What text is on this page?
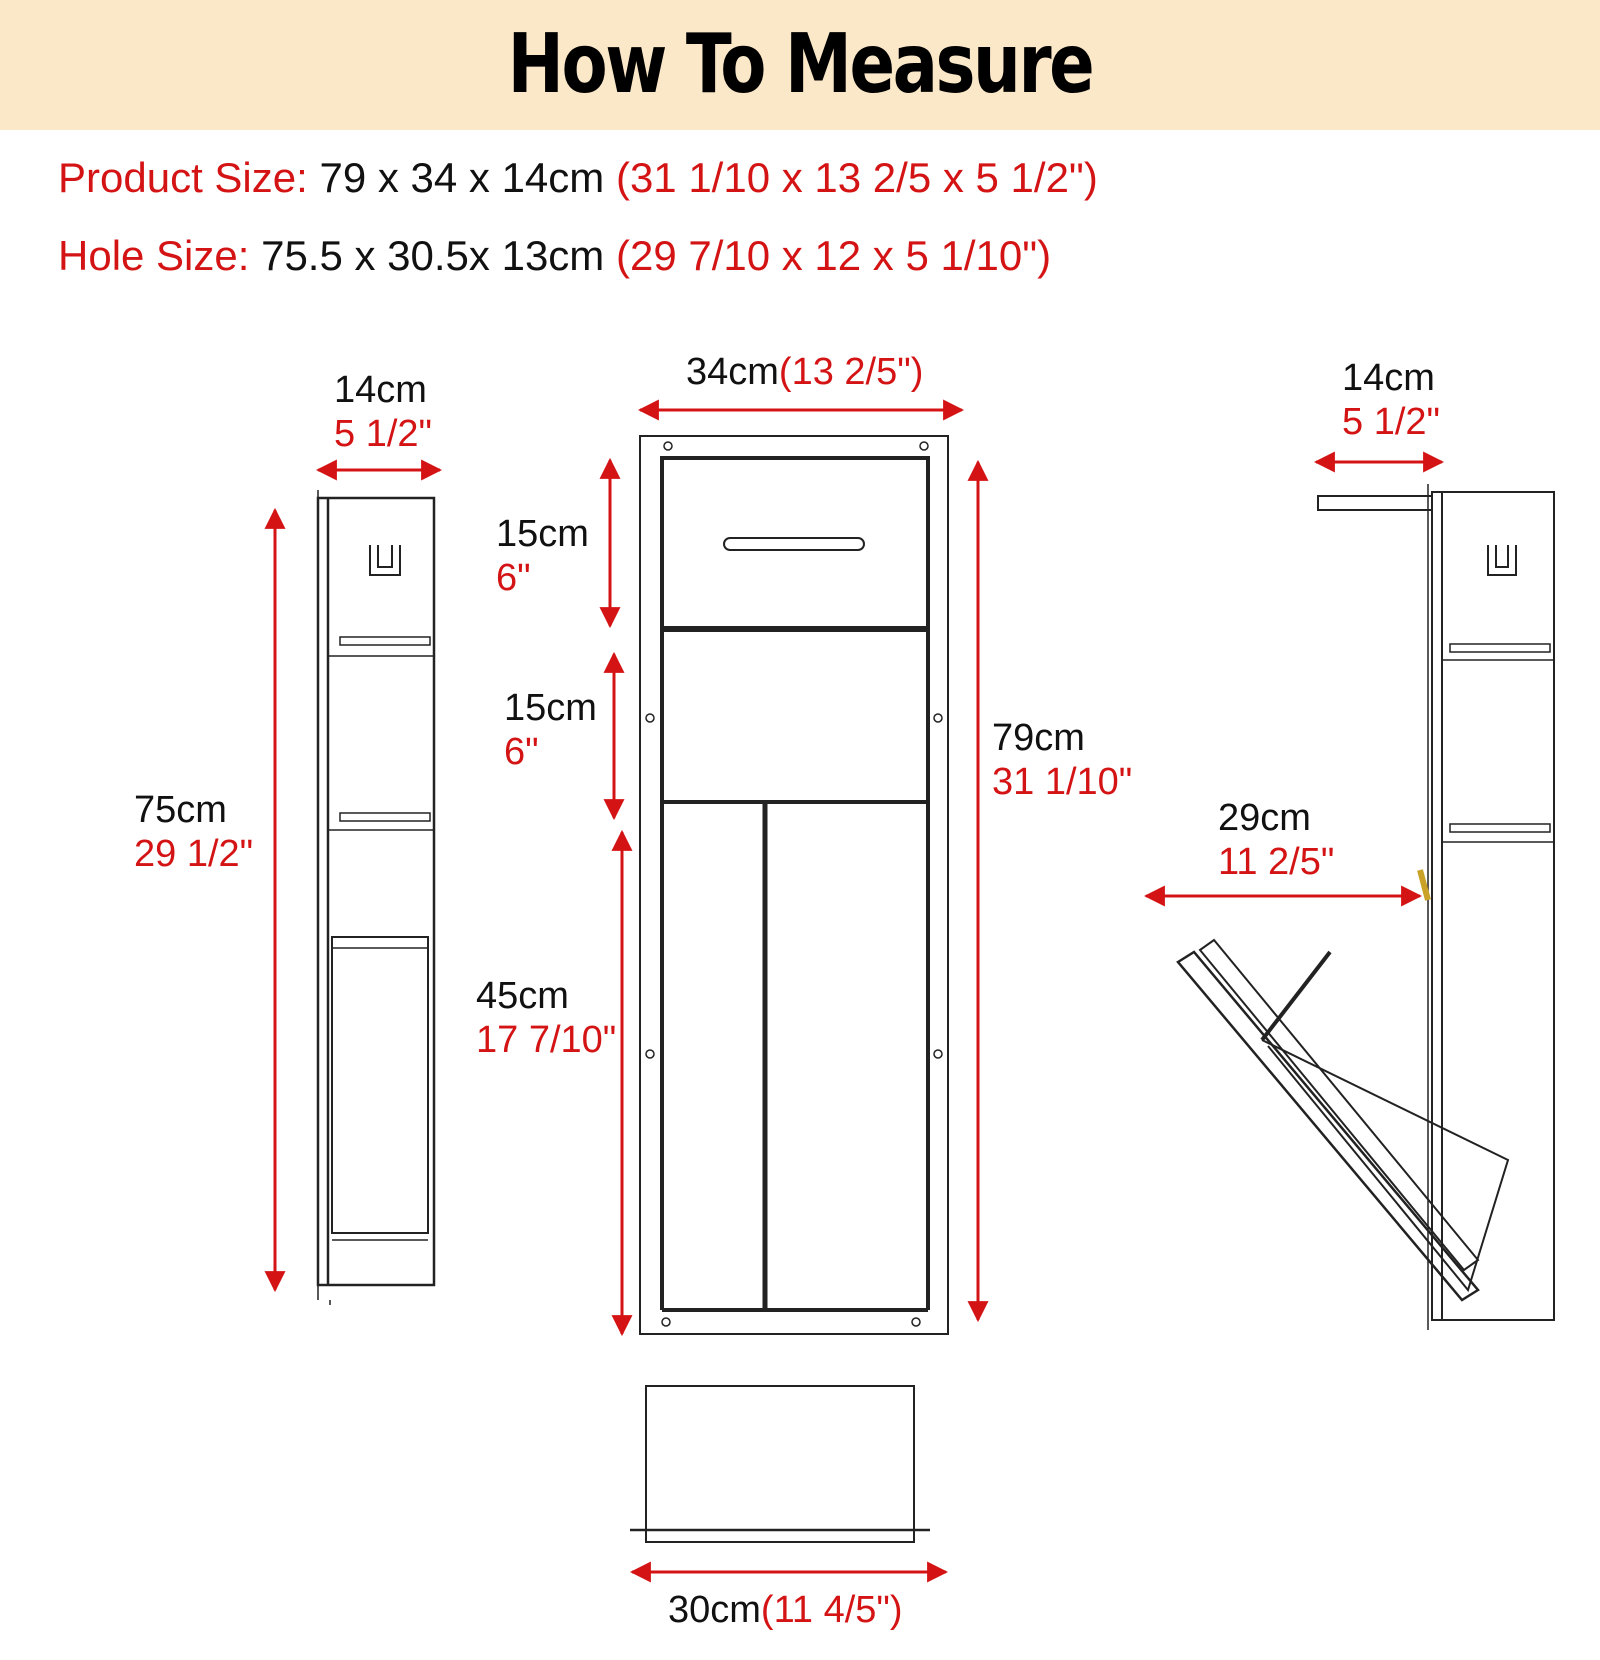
How To Measure
Product Size: 79 x 34 x 14cm (31 1/10 x 13 2/5 x 5 1/2")
Hole Size: 75.5 x 30.5x 13cm (29 7/10 x 12 x 5 1/10")
14cm
5 1/2"
75cm
29 1/2"
34cm(13 2/5")
15cm
6"
15cm
6"
45cm
17 7/10"
79cm
31 1/10"
30cm(11 4/5")
14cm
5 1/2"
29cm
11 2/5"
